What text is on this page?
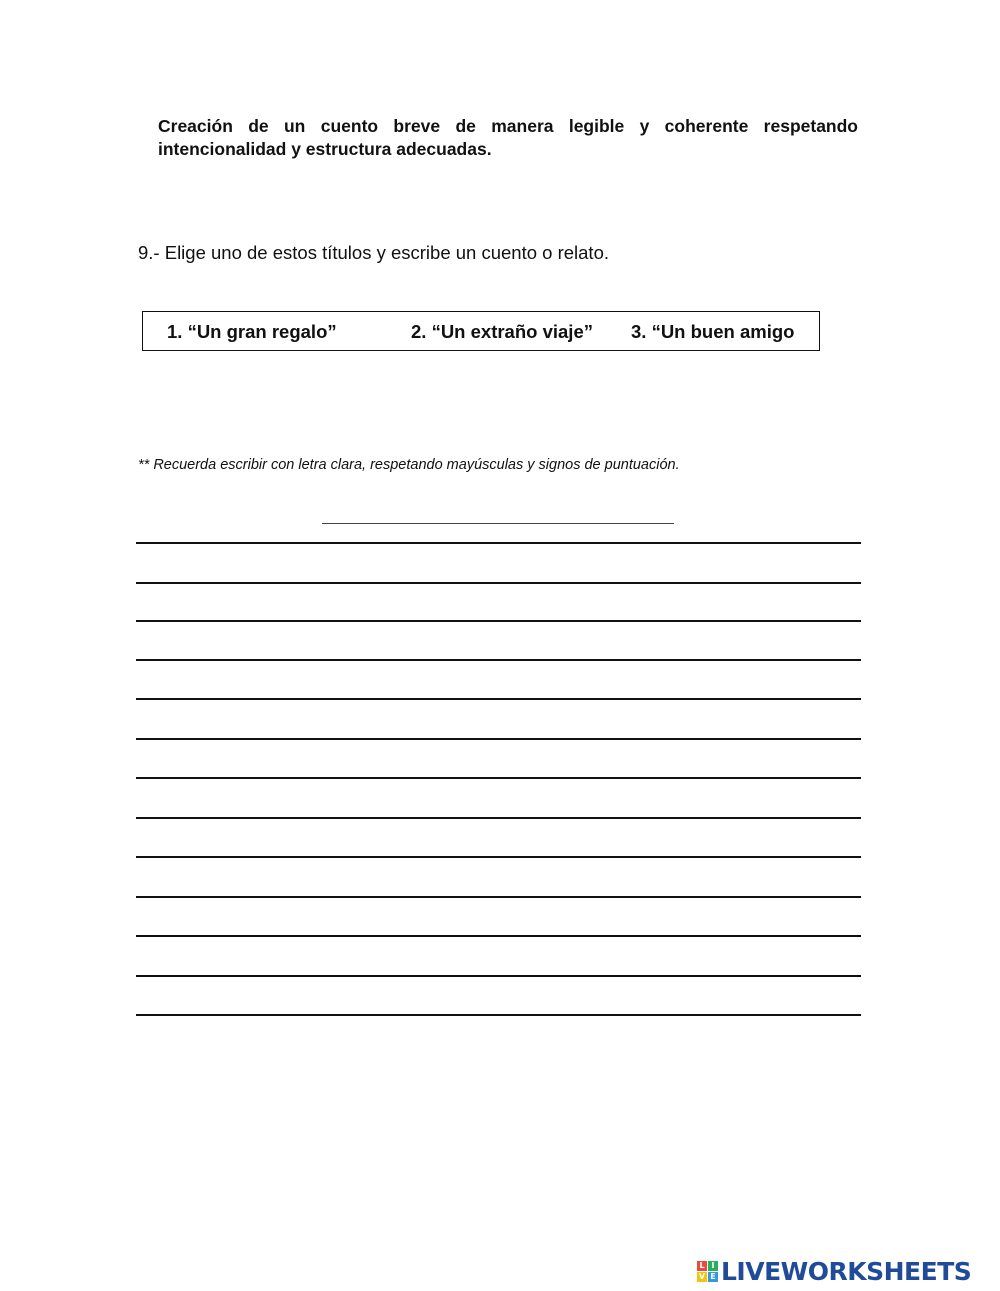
Creación de un cuento breve de manera legible y coherente respetando intencionalidad y estructura adecuadas.
9.- Elige uno de estos títulos y escribe un cuento o relato.
1. “Un gran regalo”	2. “Un extraño viaje” 3. “Un buen amigo
** Recuerda escribir con letra clara, respetando mayúsculas y signos de puntuación.
L I
V E LIVEWORKSHEETS
